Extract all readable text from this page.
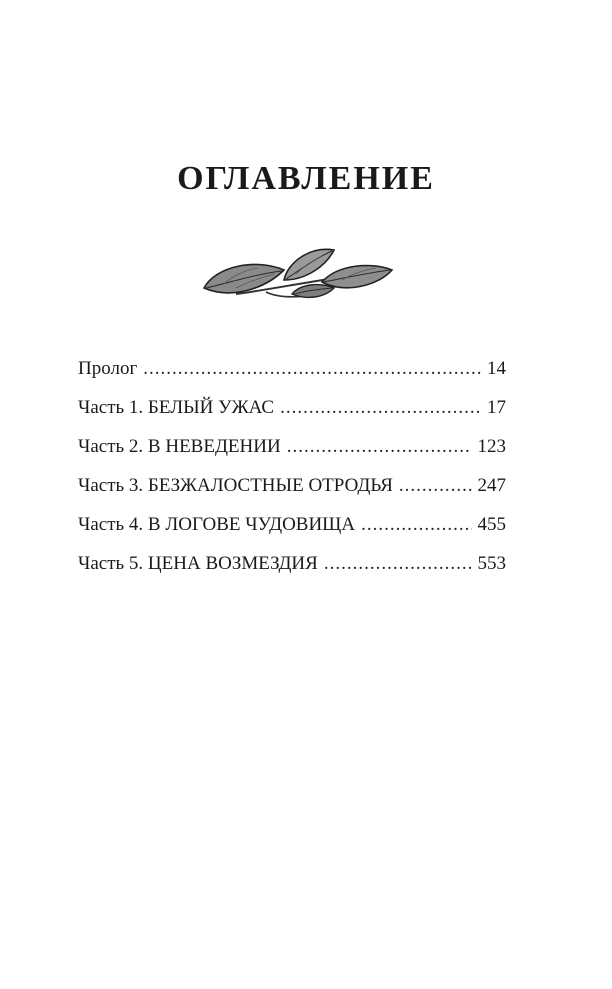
ОГЛАВЛЕНИЕ
Пролог .....	14
Часть 1. БЕЛЫЙ УЖАС .....	17
Часть 2. В НЕВЕДЕНИИ .....	123
Часть 3. БЕЗЖАЛОСТНЫЕ ОТРОДЬЯ .....	247
Часть 4. В ЛОГОВЕ ЧУДОВИЩА .....	455
Часть 5. ЦЕНА ВОЗМЕЗДИЯ .....	553
